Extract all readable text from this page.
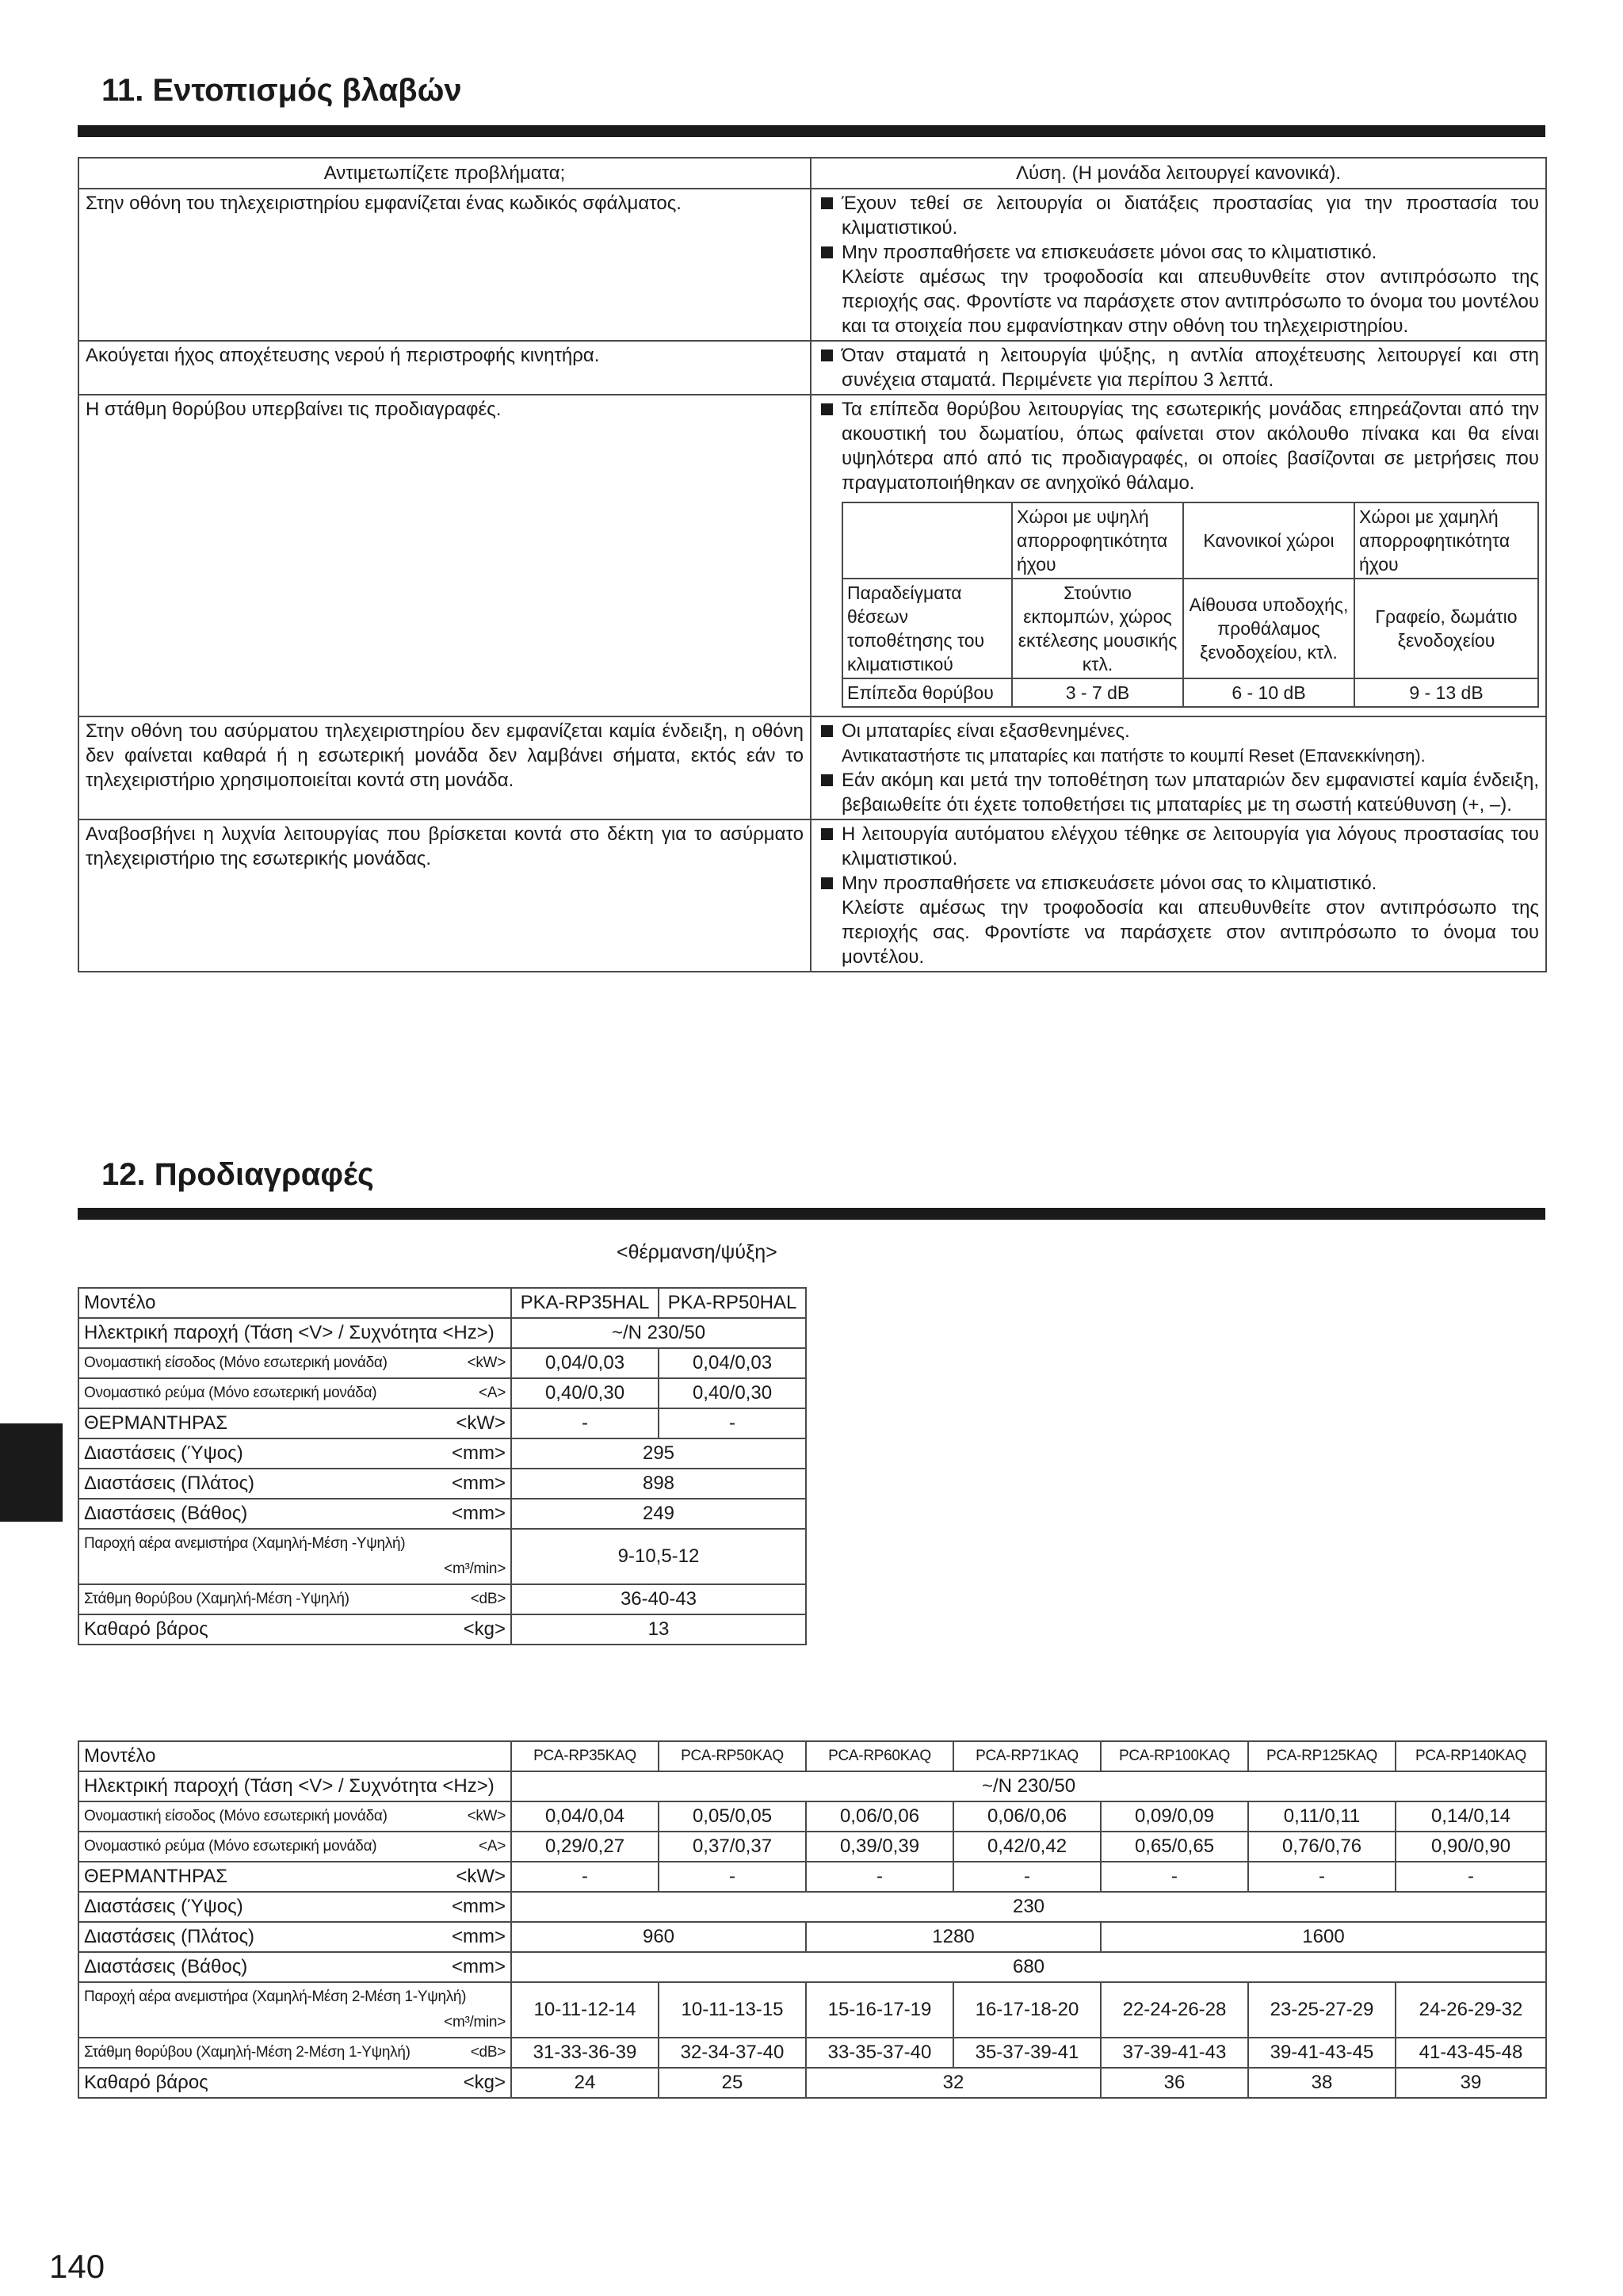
11. Εντοπισμός βλαβών
Αντιμετωπίζετε προβλήματα;	Λύση. (Η μονάδα λειτουργεί κανονικά).
Στην οθόνη του τηλεχειριστηρίου εμφανίζεται ένας κωδικός σφάλματος.	Έχουν τεθεί σε λειτουργία οι διατάξεις προστασίας για την προστασία του κλιματιστικού.
Μην προσπαθήσετε να επισκευάσετε μόνοι σας το κλιματιστικό.
Κλείστε αμέσως την τροφοδοσία και απευθυνθείτε στον αντιπρόσωπο της περιοχής σας. Φροντίστε να παράσχετε στον αντιπρόσωπο το όνομα του μοντέλου και τα στοιχεία που εμφανίστηκαν στην οθόνη του τηλεχειριστηρίου.

Ακούγεται ήχος αποχέτευσης νερού ή περιστροφής κινητήρα.	Όταν σταματά η λειτουργία ψύξης, η αντλία αποχέτευσης λειτουργεί και στη συνέχεια σταματά. Περιμένετε για περίπου 3 λεπτά.

Η στάθμη θορύβου υπερβαίνει τις προδιαγραφές.	Τα επίπεδα θορύβου λειτουργίας της εσωτερικής μονάδας επηρεάζονται από την ακουστική του δωματίου, όπως φαίνεται στον ακόλουθο πίνακα και θα είναι υψηλότερα από από τις προδιαγραφές, οι οποίες βασίζονται σε μετρήσεις που πραγματοποιήθηκαν σε ανηχοϊκό θάλαμο.
	Χώροι με υψηλή απορροφητικότητα ήχου	Κανονικοί χώροι	Χώροι με χαμηλή απορροφητικότητα ήχου
Παραδείγματα θέσεων τοποθέτησης του κλιματιστικού	Στούντιο εκπομπών, χώρος εκτέλεσης μουσικής κτλ.	Αίθουσα υποδοχής, προθάλαμος ξενοδοχείου, κτλ.	Γραφείο, δωμάτιο ξενοδοχείου
Επίπεδα θορύβου	3 - 7 dB	6 - 10 dB	9 - 13 dB

Στην οθόνη του ασύρματου τηλεχειριστηρίου δεν εμφανίζεται καμία ένδειξη, η οθόνη δεν φαίνεται καθαρά ή η εσωτερική μονάδα δεν λαμβάνει σήματα, εκτός εάν το τηλεχειριστήριο χρησιμοποιείται κοντά στη μονάδα.	
Οι μπαταρίες είναι εξασθενημένες.
Αντικαταστήστε τις μπαταρίες και πατήστε το κουμπί Reset (Επανεκκίνηση).
Εάν ακόμη και μετά την τοποθέτηση των μπαταριών δεν εμφανιστεί καμία ένδειξη, βεβαιωθείτε ότι έχετε τοποθετήσει τις μπαταρίες με τη σωστή κατεύθυνση (+, –).

Αναβοσβήνει η λυχνία λειτουργίας που βρίσκεται κοντά στο δέκτη για το ασύρματο τηλεχειριστήριο της εσωτερικής μονάδας.	
Η λειτουργία αυτόματου ελέγχου τέθηκε σε λειτουργία για λόγους προστασίας του κλιματιστικού.
Μην προσπαθήσετε να επισκευάσετε μόνοι σας το κλιματιστικό.
Κλείστε αμέσως την τροφοδοσία και απευθυνθείτε στον αντιπρόσωπο της περιοχής σας. Φροντίστε να παράσχετε στον αντιπρόσωπο το όνομα του μοντέλου.
12. Προδιαγραφές
<θέρμανση/ψύξη>
Μοντέλο	PKA-RP35HAL	PKA-RP50HAL
Ηλεκτρική παροχή (Τάση <V> / Συχνότητα <Hz>)	~/N 230/50	

Ονομαστική είσοδος (Μόνο εσωτερική μονάδα) <kW>	0,04/0,03	0,04/0,03

Ονομαστικό ρεύμα (Μόνο εσωτερική μονάδα) <A>	0,40/0,30	0,40/0,30

ΘΕΡΜΑΝΤΗΡΑΣ <kW>	-	-

Διαστάσεις (Ύψος) <mm>	295	

Διαστάσεις (Πλάτος) <mm>	898	

Διαστάσεις (Βάθος) <mm>	249	

Παροχή αέρα ανεμιστήρα (Χαμηλή-Μέση -Υψηλή)
<m³/min>	9-10,5-12	

Στάθμη θορύβου (Χαμηλή-Μέση -Υψηλή) <dB>	36-40-43	

Καθαρό βάρος <kg>	13	
Μοντέλο	PCA-RP35KAQ	PCA-RP50KAQ	PCA-RP60KAQ	PCA-RP71KAQ	PCA-RP100KAQ	PCA-RP125KAQ	PCA-RP140KAQ
Ηλεκτρική παροχή (Τάση <V> / Συχνότητα <Hz>)	~/N 230/50						

Ονομαστική είσοδος (Μόνο εσωτερική μονάδα) <kW>	0,04/0,04	0,05/0,05	0,06/0,06	0,06/0,06	0,09/0,09	0,11/0,11	0,14/0,14

Ονομαστικό ρεύμα (Μόνο εσωτερική μονάδα) <A>	0,29/0,27	0,37/0,37	0,39/0,39	0,42/0,42	0,65/0,65	0,76/0,76	0,90/0,90

ΘΕΡΜΑΝΤΗΡΑΣ <kW>	-	-	-	-	-	-	-

Διαστάσεις (Ύψος) <mm>	230						

Διαστάσεις (Πλάτος) <mm>	960		1280		1600		

Διαστάσεις (Βάθος) <mm>	680						

Παροχή αέρα ανεμιστήρα (Χαμηλή-Μέση 2-Μέση 1-Υψηλή)
<m³/min>	10-11-12-14	10-11-13-15	15-16-17-19	16-17-18-20	22-24-26-28	23-25-27-29	24-26-29-32

Στάθμη θορύβου (Χαμηλή-Μέση 2-Μέση 1-Υψηλή) <dB>	31-33-36-39	32-34-37-40	33-35-37-40	35-37-39-41	37-39-41-43	39-41-43-45	41-43-45-48

Καθαρό βάρος <kg>	24	25	32		36	38	39
140
